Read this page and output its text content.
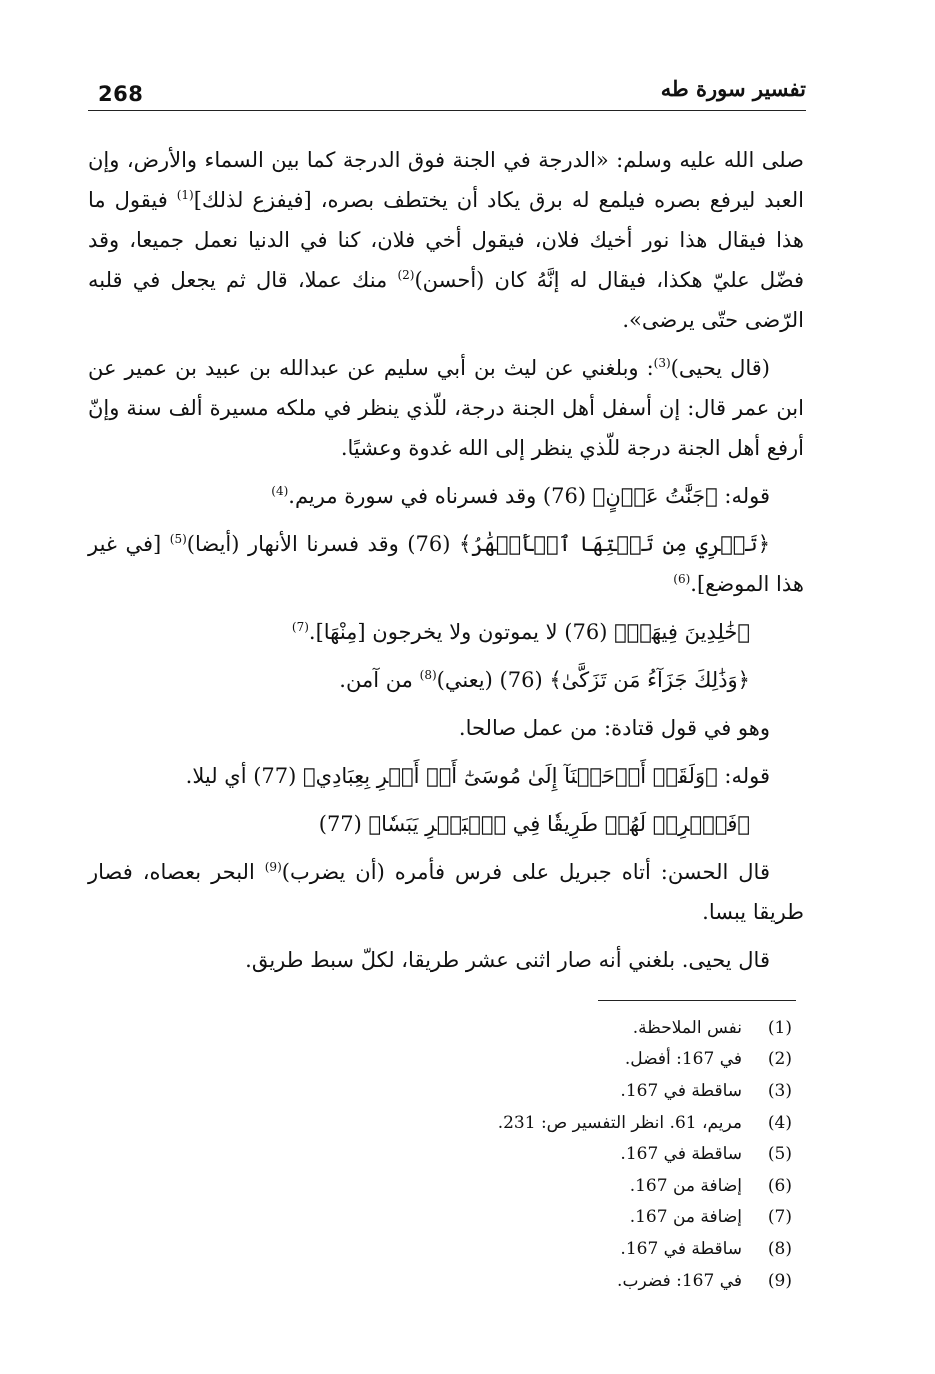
268	تفسير سورة طه

صلى الله عليه وسلم: «الدرجة في الجنة فوق الدرجة كما بين السماء والأرض، وإن العبد ليرفع بصره فيلمع له برق يكاد أن يختطف بصره، [فيفزع لذلك]$^{(1)}$ فيقول ما هذا فيقال هذا نور أخيك فلان، فيقول أخي فلان، كنا في الدنيا نعمل جميعا، وقد فضّل عليّ هكذا، فيقال له إنَّهُ كان (أحسن)$^{(2)}$ منك عملا، قال ثم يجعل في قلبه الرّضى حتّى يرضى».

(قال يحيى)$^{(3)}$: وبلغني عن ليث بن أبي سليم عن عبدالله بن عبيد بن عمير عن ابن عمر قال: إن أسفل أهل الجنة درجة، للّذي ينظر في ملكه مسيرة ألف سنة وإنّ أرفع أهل الجنة درجة للّذي ينظر إلى الله غدوة وعشيًا.

قوله: ﴿جَنَّٰتُ عَدۡنٍ﴾ (76) وقد فسرناه في سورة مريم.$^{(4)}$

﴿تَجۡرِي مِن تَحۡتِهَا ٱلۡأَنۡهَٰرُ﴾ (76) وقد فسرنا الأنهار (أيضا)$^{(5)}$ [في غير هذا الموضع].$^{(6)}$

﴿خَٰلِدِينَ فِيهَاۚ﴾ (76) لا يموتون ولا يخرجون [مِنْهَا].$^{(7)}$

﴿وَذَٰلِكَ جَزَآءُ مَن تَزَكَّىٰ﴾ (76) (يعني)$^{(8)}$ من آمن.

وهو في قول قتادة: من عمل صالحا.

قوله: ﴿وَلَقَدۡ أَوۡحَيۡنَآ إِلَىٰ مُوسَىٰٓ أَنۡ أَسۡرِ بِعِبَادِي﴾ (77) أي ليلا.

﴿فَٱضۡرِبۡ لَهُمۡ طَرِيقٗا فِي ٱلۡبَحۡرِ يَبَسٗا﴾ (77)

قال الحسن: أتاه جبريل على فرس فأمره (أن يضرب)$^{(9)}$ البحر بعصاه، فصار طريقا يبسا.

قال يحيى. بلغني أنه صار اثنى عشر طريقا، لكلّ سبط طريق.

(1)
نفس الملاحظة.
(2)
في 167: أفضل.
(3)
ساقطة في 167.
(4)
مريم، 61. انظر التفسير ص: 231.
(5)
ساقطة في 167.
(6)
إضافة من 167.
(7)
إضافة من 167.
(8)
ساقطة في 167.
(9)
في 167: فضرب.
